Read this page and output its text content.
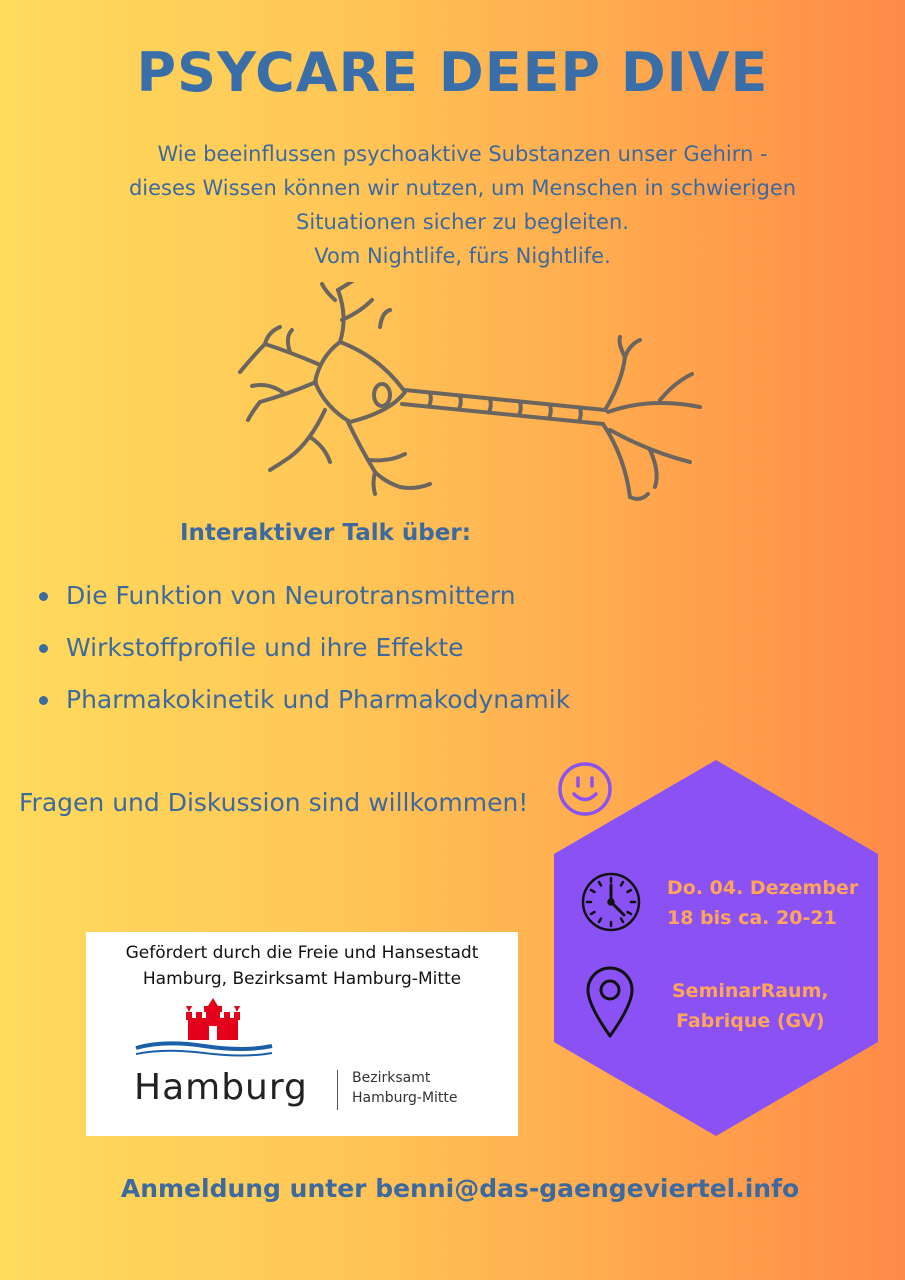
PSYCARE DEEP DIVE
Wie beeinflussen psychoaktive Substanzen unser Gehirn -
dieses Wissen können wir nutzen, um Menschen in schwierigen
Situationen sicher zu begleiten.
Vom Nightlife, fürs Nightlife.
Interaktiver Talk über:
Die Funktion von Neurotransmittern
Wirkstoffprofile und ihre Effekte
Pharmakokinetik und Pharmakodynamik
Fragen und Diskussion sind willkommen!
Do. 04. Dezember
18 bis ca. 20-21
SeminarRaum,
Fabrique (GV)
Gefördert durch die Freie und Hansestadt
Hamburg, Bezirksamt Hamburg-Mitte
Hamburg	Bezirksamt
Hamburg-Mitte
Anmeldung unter benni@das-gaengeviertel.info
